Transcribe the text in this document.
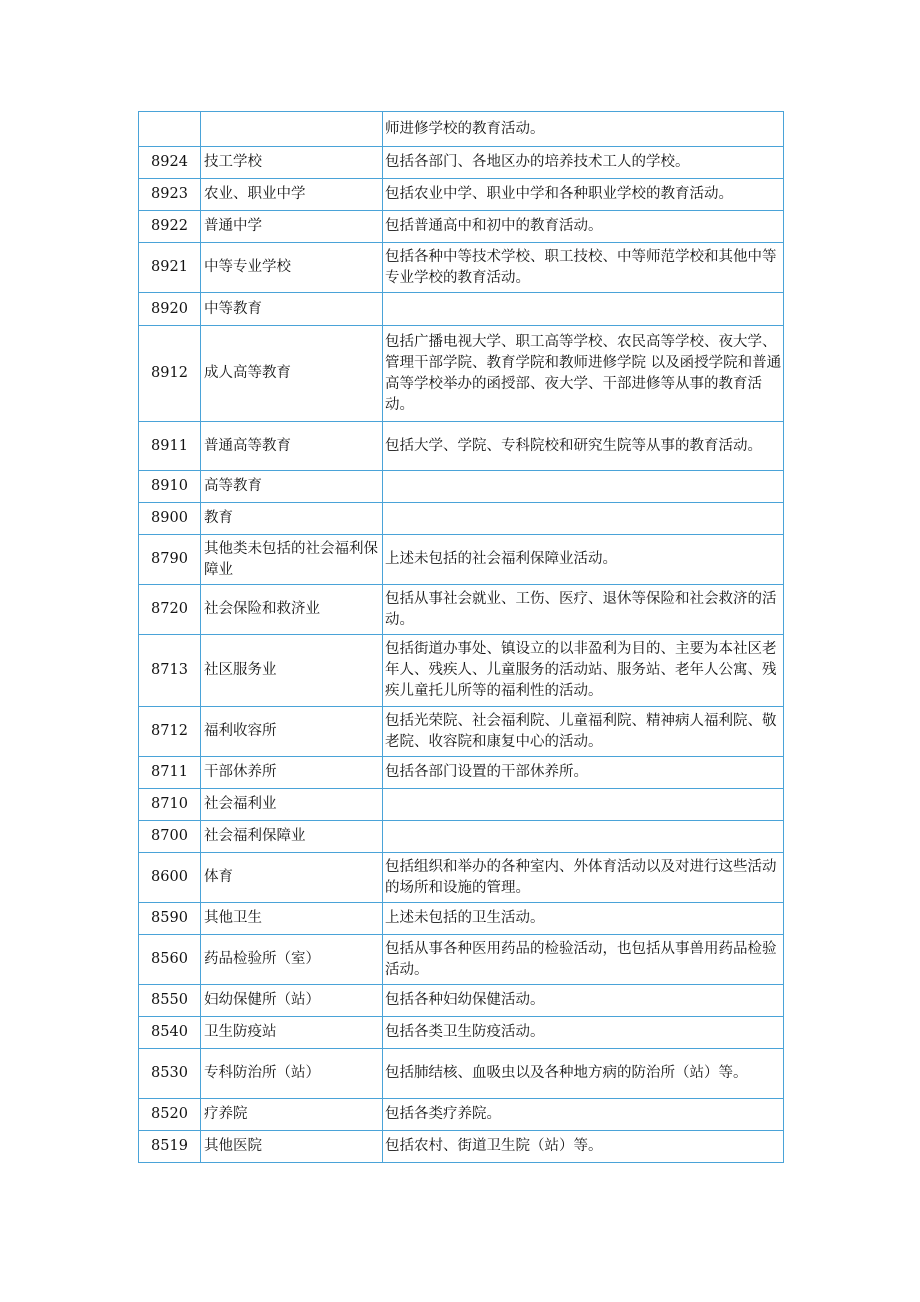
		师进修学校的教育活动。
8924	技工学校	包括各部门、各地区办的培养技术工人的学校。
8923	农业、职业中学	包括农业中学、职业中学和各种职业学校的教育活动。
8922	普通中学	包括普通高中和初中的教育活动。
8921	中等专业学校	包括各种中等技术学校、职工技校、中等师范学校和其他中等专业学校的教育活动。
8920	中等教育	
8912	成人高等教育	包括广播电视大学、职工高等学校、农民高等学校、夜大学、管理干部学院、教育学院和教师进修学院 以及函授学院和普通高等学校举办的函授部、夜大学、干部进修等从事的教育活动。
8911	普通高等教育	包括大学、学院、专科院校和研究生院等从事的教育活动。
8910	高等教育	
8900	教育	
8790	其他类未包括的社会福利保障业	上述未包括的社会福利保障业活动。
8720	社会保险和救济业	包括从事社会就业、工伤、医疗、退休等保险和社会救济的活动。
8713	社区服务业	包括街道办事处、镇设立的以非盈利为目的、主要为本社区老年人、残疾人、儿童服务的活动站、服务站、老年人公寓、残疾儿童托儿所等的福利性的活动。
8712	福利收容所	包括光荣院、社会福利院、儿童福利院、精神病人福利院、敬老院、收容院和康复中心的活动。
8711	干部休养所	包括各部门设置的干部休养所。
8710	社会福利业	
8700	社会福利保障业	
8600	体育	包括组织和举办的各种室内、外体育活动以及对进行这些活动的场所和设施的管理。
8590	其他卫生	上述未包括的卫生活动。
8560	药品检验所（室）	包括从事各种医用药品的检验活动，也包括从事兽用药品检验活动。
8550	妇幼保健所（站）	包括各种妇幼保健活动。
8540	卫生防疫站	包括各类卫生防疫活动。
8530	专科防治所（站）	包括肺结核、血吸虫以及各种地方病的防治所（站）等。
8520	疗养院	包括各类疗养院。
8519	其他医院	包括农村、街道卫生院（站）等。
